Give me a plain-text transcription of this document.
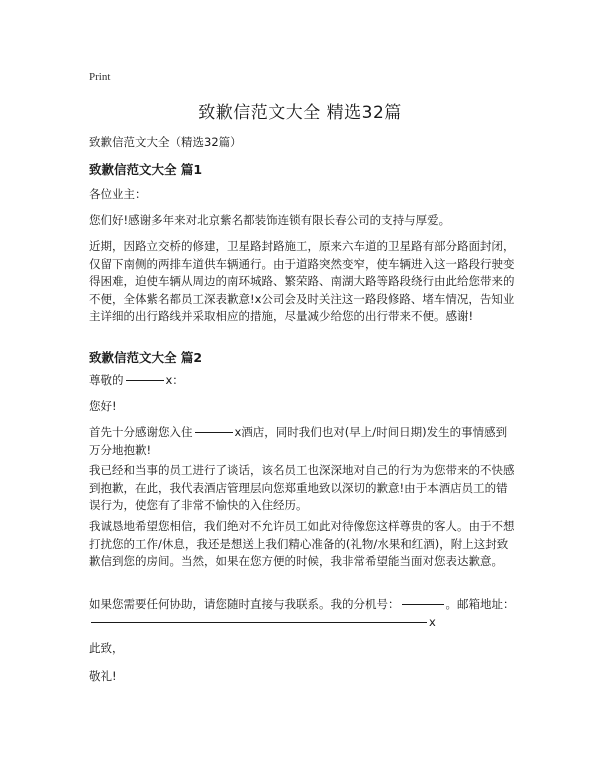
Print
致歉信范文大全 精选32篇
致歉信范文大全（精选32篇）
致歉信范文大全 篇1

各位业主：

您们好!感谢多年来对北京紫名都装饰连锁有限长春公司的支持与厚爱。

近期，因路立交桥的修建，卫星路封路施工，原来六车道的卫星路有部分路面封闭，仅留下南侧的两排车道供车辆通行。由于道路突然变窄，使车辆进入这一路段行驶变得困难，迫使车辆从周边的南环城路、繁荣路、南湖大路等路段绕行由此给您带来的不便，全体紫名都员工深表歉意!x公司会及时关注这一路段修路、堵车情况，告知业主详细的出行路线并采取相应的措施，尽量减少给您的出行带来不便。感谢!

致歉信范文大全 篇2

尊敬的	x：

您好!

首先十分感谢您入住	x酒店，同时我们也对(早上/时间日期)发生的事情感到万分地抱歉!

我已经和当事的员工进行了谈话，该名员工也深深地对自己的行为为您带来的不快感到抱歉，在此，我代表酒店管理层向您郑重地致以深切的歉意!由于本酒店员工的错误行为，使您有了非常不愉快的入住经历。

我诚恳地希望您相信，我们绝对不允许员工如此对待像您这样尊贵的客人。由于不想打扰您的工作/休息，我还是想送上我们精心准备的(礼物/水果和红酒)，附上这封致歉信到您的房间。当然，如果在您方便的时候，我非常希望能当面对您表达歉意。

如果您需要任何协助，请您随时直接与我联系。我的分机号：	。邮箱地址：x

此致，

敬礼!
